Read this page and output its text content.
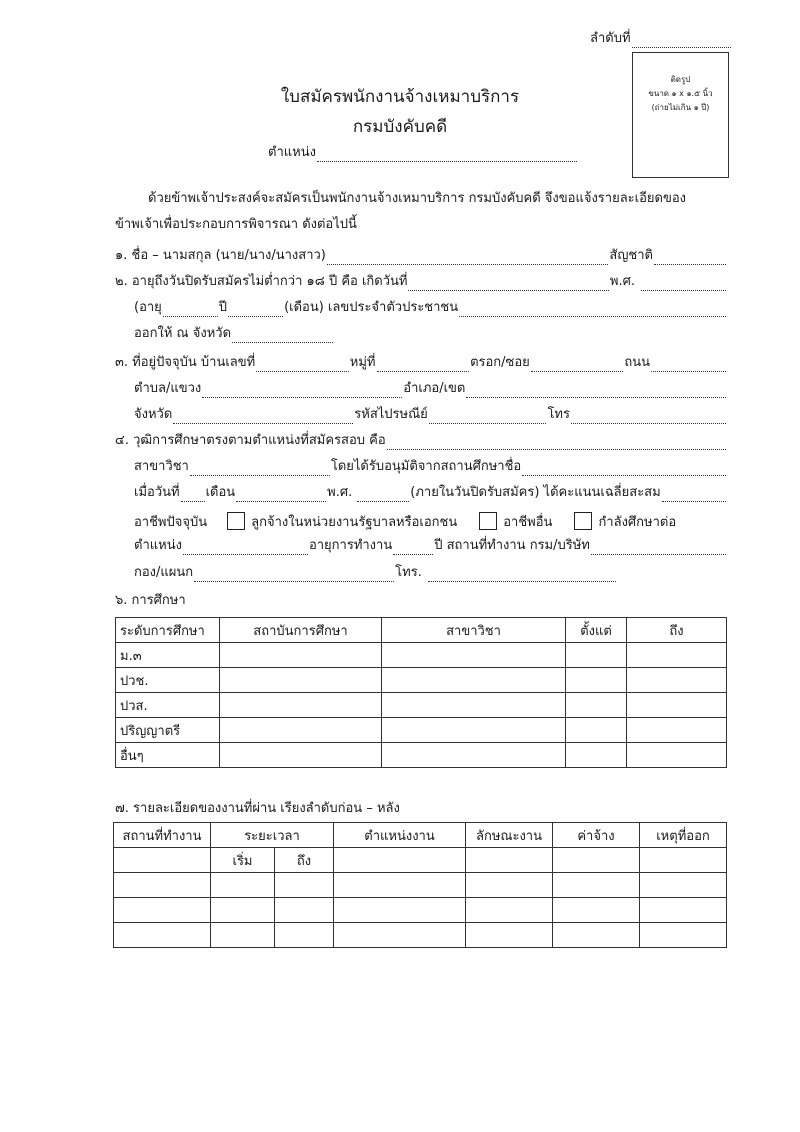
ลำดับที่
ติดรูป
ขนาด ๑ x ๑.๕ นิ้ว
(ถ่ายไม่เกิน ๑ ปี)
ใบสมัครพนักงานจ้างเหมาบริการ
กรมบังคับคดี
ตำแหน่ง
ด้วยข้าพเจ้าประสงค์จะสมัครเป็นพนักงานจ้างเหมาบริการ กรมบังคับคดี จึงขอแจ้งรายละเอียดของ
ข้าพเจ้าเพื่อประกอบการพิจารณา ดังต่อไปนี้
๑. ชื่อ – นามสกุล (นาย/นาง/นางสาว)	สัญชาติ
๒. อายุถึงวันปิดรับสมัครไม่ต่ำกว่า ๑๘ ปี คือ เกิดวันที่	พ.ศ.
(อายุ	ปี	(เดือน) เลขประจำตัวประชาชน
ออกให้ ณ จังหวัด
๓. ที่อยู่ปัจจุบัน บ้านเลขที่	หมู่ที่	ตรอก/ซอย	ถนน
ตำบล/แขวง	อำเภอ/เขต
จังหวัด	รหัสไปรษณีย์	โทร
๔. วุฒิการศึกษาตรงตามตำแหน่งที่สมัครสอบ คือ
สาขาวิชา	โดยได้รับอนุมัติจากสถานศึกษาชื่อ
เมื่อวันที่ เดือน	พ.ศ.	(ภายในวันปิดรับสมัคร) ได้คะแนนเฉลี่ยสะสม
อาชีพปัจจุบัน	ลูกจ้างในหน่วยงานรัฐบาลหรือเอกชน	อาชีพอื่น	กำลังศึกษาต่อ
ตำแหน่ง	อายุการทำงาน	ปี สถานที่ทำงาน กรม/บริษัท
กอง/แผนก	โทร.
๖. การศึกษา
ระดับการศึกษา	สถาบันการศึกษา	สาขาวิชา	ตั้งแต่	ถึง
ม.๓				
ปวช.				
ปวส.				
ปริญญาตรี				
อื่นๆ				
๗. รายละเอียดของงานที่ผ่าน เรียงลำดับก่อน – หลัง
สถานที่ทำงาน	ระยะเวลา		ตำแหน่งงาน	ลักษณะงาน	ค่าจ้าง	เหตุที่ออก
	เริ่ม	ถึง				
